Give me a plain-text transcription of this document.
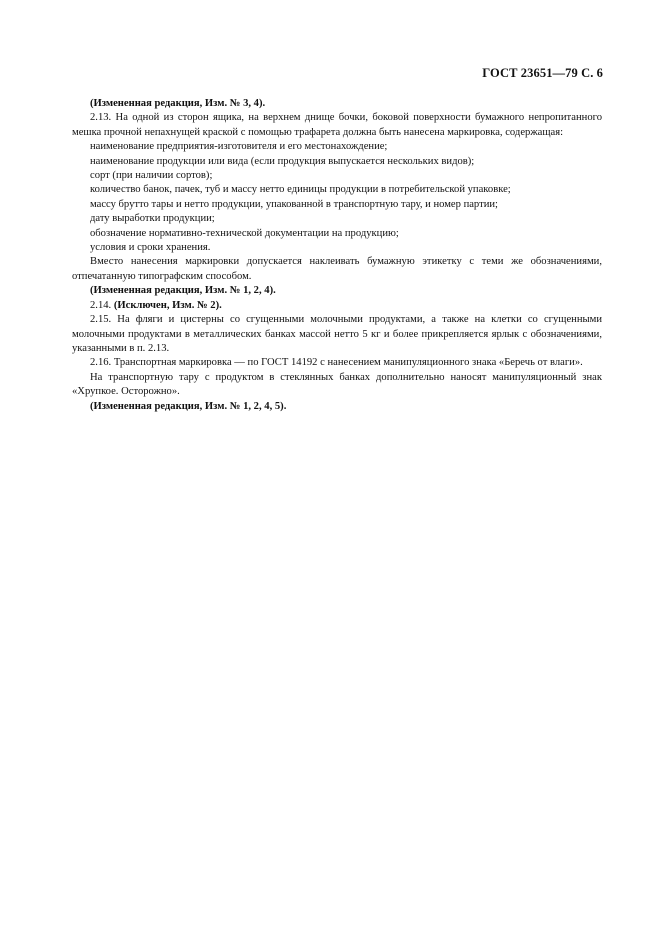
ГОСТ 23651—79 С. 6

(Измененная редакция, Изм. № 3, 4).

2.13. На одной из сторон ящика, на верхнем днище бочки, боковой поверхности бумажного непропитанного мешка прочной непахнущей краской с помощью трафарета должна быть нанесена маркировка, содержащая:

наименование предприятия-изготовителя и его местонахождение;

наименование продукции или вида (если продукция выпускается нескольких видов);

сорт (при наличии сортов);

количество банок, пачек, туб и массу нетто единицы продукции в потребительской упаковке;

массу брутто тары и нетто продукции, упакованной в транспортную тару, и номер партии;

дату выработки продукции;

обозначение нормативно-технической документации на продукцию;

условия и сроки хранения.

Вместо нанесения маркировки допускается наклеивать бумажную этикетку с теми же обозначениями, отпечатанную типографским способом.

(Измененная редакция, Изм. № 1, 2, 4).

2.14. (Исключен, Изм. № 2).

2.15. На фляги и цистерны со сгущенными молочными продуктами, а также на клетки со сгущенными молочными продуктами в металлических банках массой нетто 5 кг и более прикрепляется ярлык с обозначениями, указанными в п. 2.13.

2.16. Транспортная маркировка — по ГОСТ 14192 с нанесением манипуляционного знака «Беречь от влаги».

На транспортную тару с продуктом в стеклянных банках дополнительно наносят манипуляционный знак «Хрупкое. Осторожно».

(Измененная редакция, Изм. № 1, 2, 4, 5).
